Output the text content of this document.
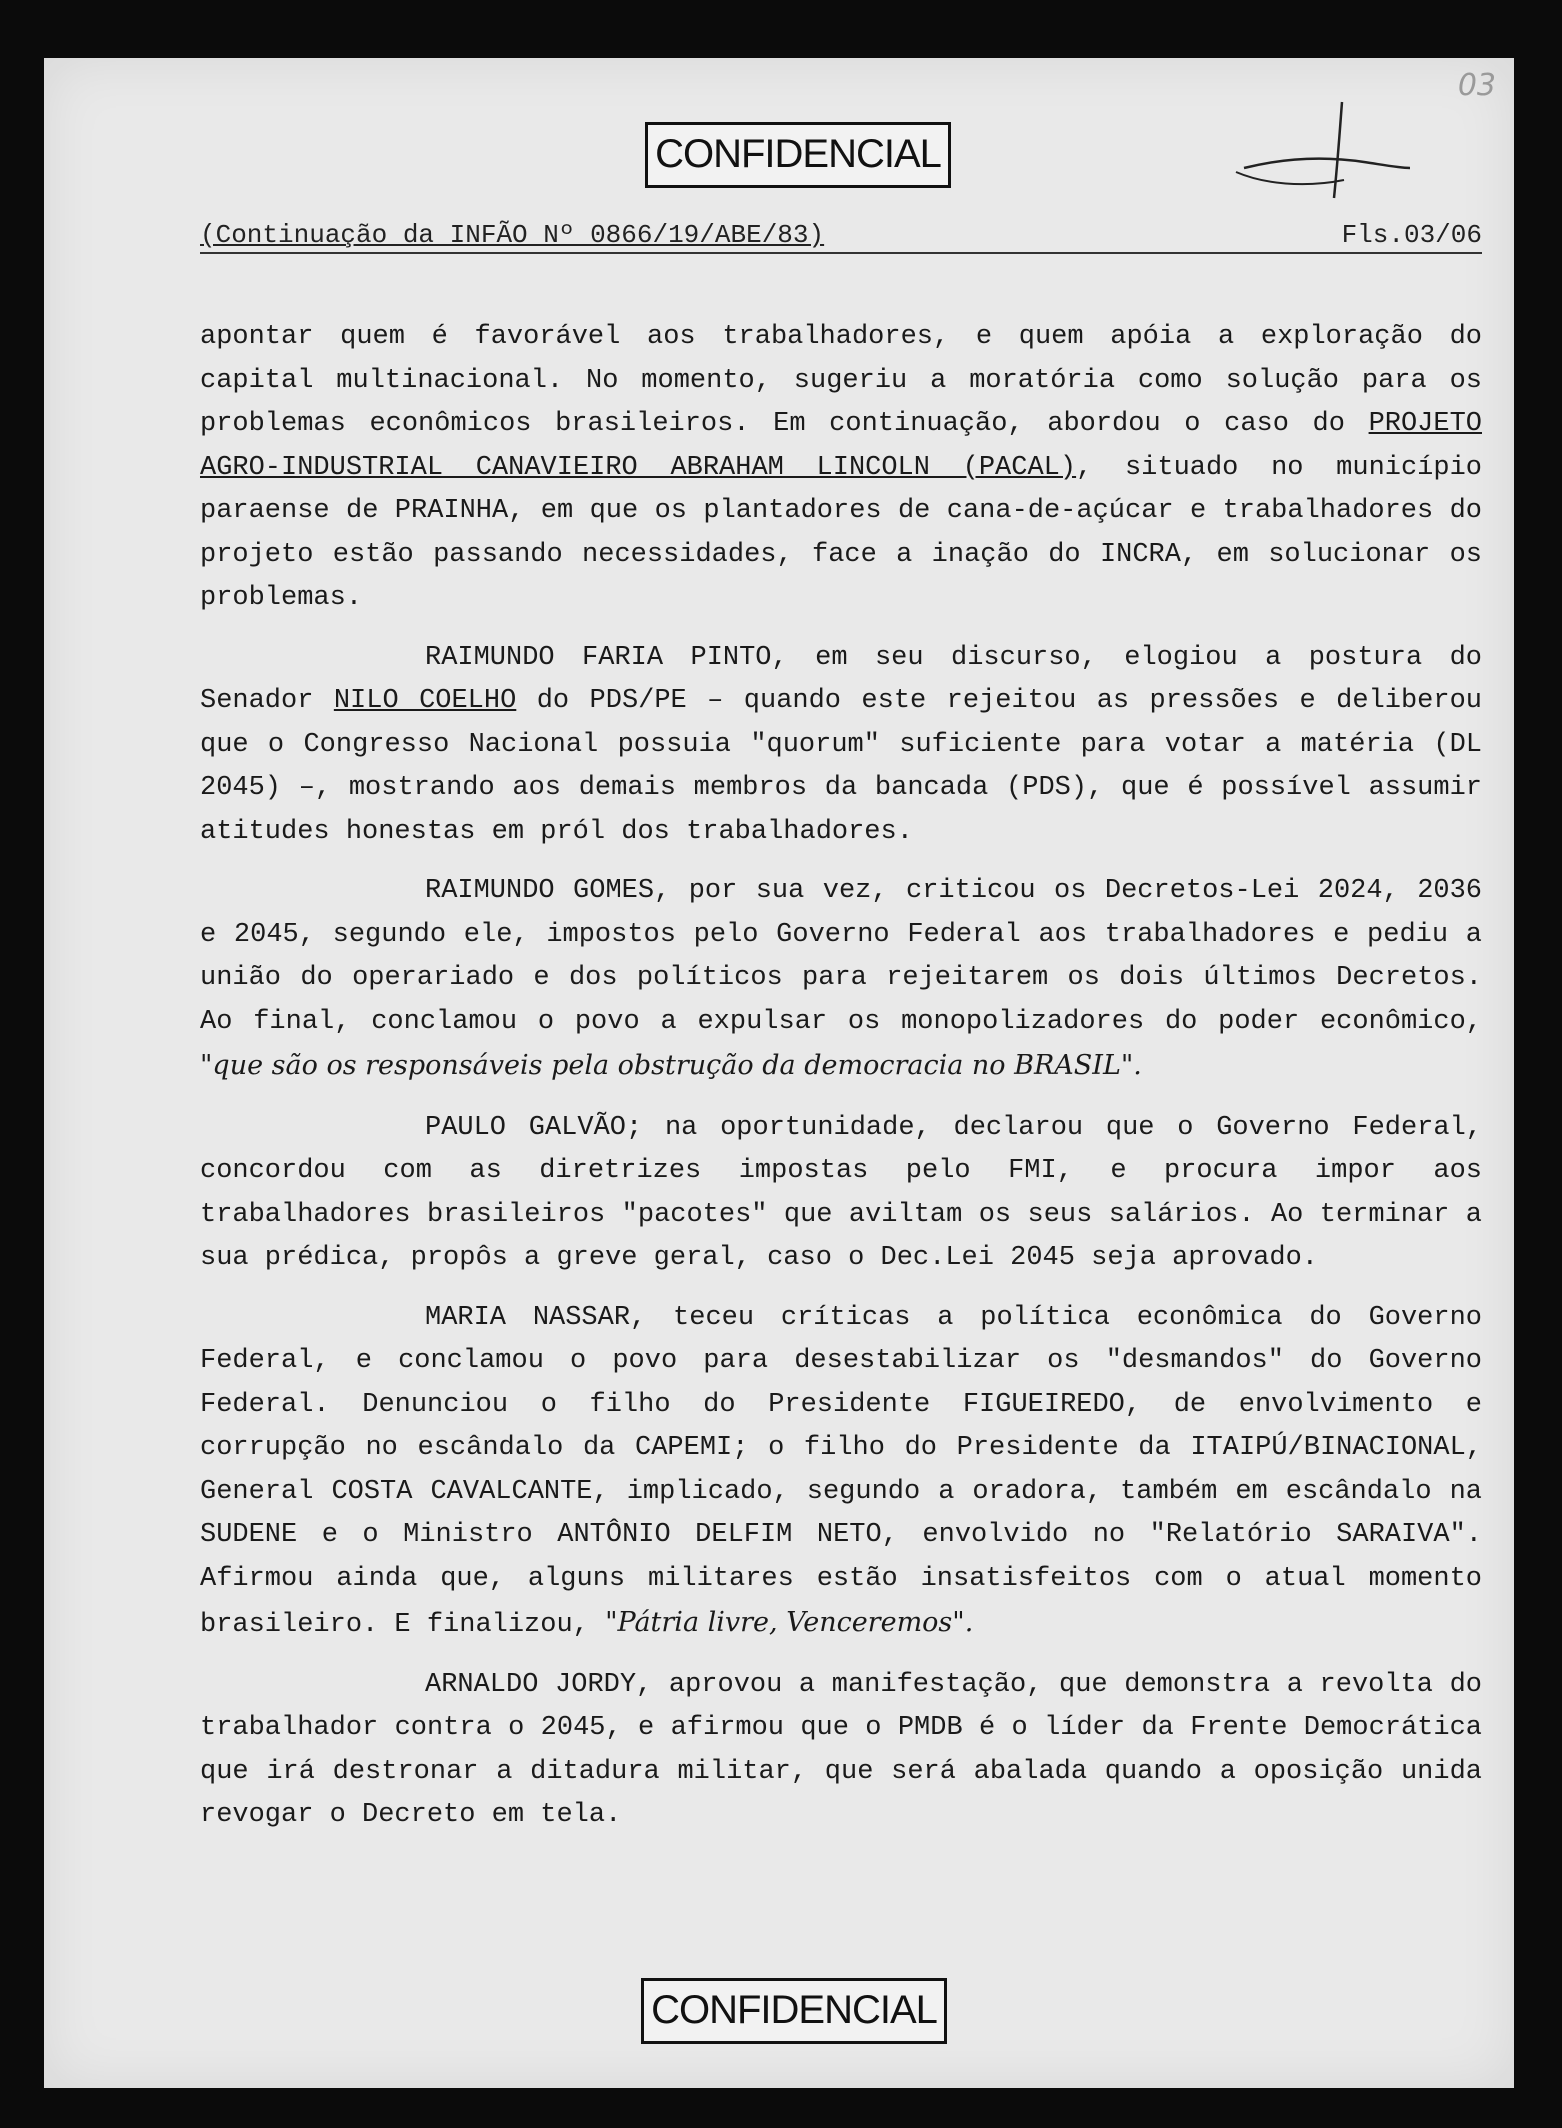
03
CONFIDENCIAL
(Continuação da INFÃO Nº 0866/19/ABE/83)	Fls.03/06

apontar quem é favorável aos trabalhadores, e quem apóia a exploração do capital multinacional. No momento, sugeriu a moratória como solução para os problemas econômicos brasileiros. Em continuação, abordou o caso do PROJETO AGRO-INDUSTRIAL CANAVIEIRO ABRAHAM LINCOLN (PACAL), situado no município paraense de PRAINHA, em que os plantadores de cana-de-açúcar e trabalhadores do projeto estão passando necessidades, face a inação do INCRA, em solucionar os problemas.

RAIMUNDO FARIA PINTO, em seu discurso, elogiou a postura do Senador NILO COELHO do PDS/PE – quando este rejeitou as pressões e deliberou que o Congresso Nacional possuia "quorum" suficiente para votar a matéria (DL 2045) –, mostrando aos demais membros da bancada (PDS), que é possível assumir atitudes honestas em pról dos trabalhadores.

RAIMUNDO GOMES, por sua vez, criticou os Decretos-Lei 2024, 2036 e 2045, segundo ele, impostos pelo Governo Federal aos trabalhadores e pediu a união do operariado e dos políticos para rejeitarem os dois últimos Decretos. Ao final, conclamou o povo a expulsar os monopolizadores do poder econômico, "que são os responsáveis pela obstrução da democracia no BRASIL".

PAULO GALVÃO; na oportunidade, declarou que o Governo Federal, concordou com as diretrizes impostas pelo FMI, e procura impor aos trabalhadores brasileiros "pacotes" que aviltam os seus salários. Ao terminar a sua prédica, propôs a greve geral, caso o Dec.Lei 2045 seja aprovado.

MARIA NASSAR, teceu críticas a política econômica do Governo Federal, e conclamou o povo para desestabilizar os "desmandos" do Governo Federal. Denunciou o filho do Presidente FIGUEIREDO, de envolvimento e corrupção no escândalo da CAPEMI; o filho do Presidente da ITAIPÚ/BINACIONAL, General COSTA CAVALCANTE, implicado, segundo a oradora, também em escândalo na SUDENE e o Ministro ANTÔNIO DELFIM NETO, envolvido no "Relatório SARAIVA". Afirmou ainda que, alguns militares estão insatisfeitos com o atual momento brasileiro. E finalizou, "Pátria livre, Venceremos".

ARNALDO JORDY, aprovou a manifestação, que demonstra a revolta do trabalhador contra o 2045, e afirmou que o PMDB é o líder da Frente Democrática que irá destronar a ditadura militar, que será abalada quando a oposição unida revogar o Decreto em tela.

CONFIDENCIAL
